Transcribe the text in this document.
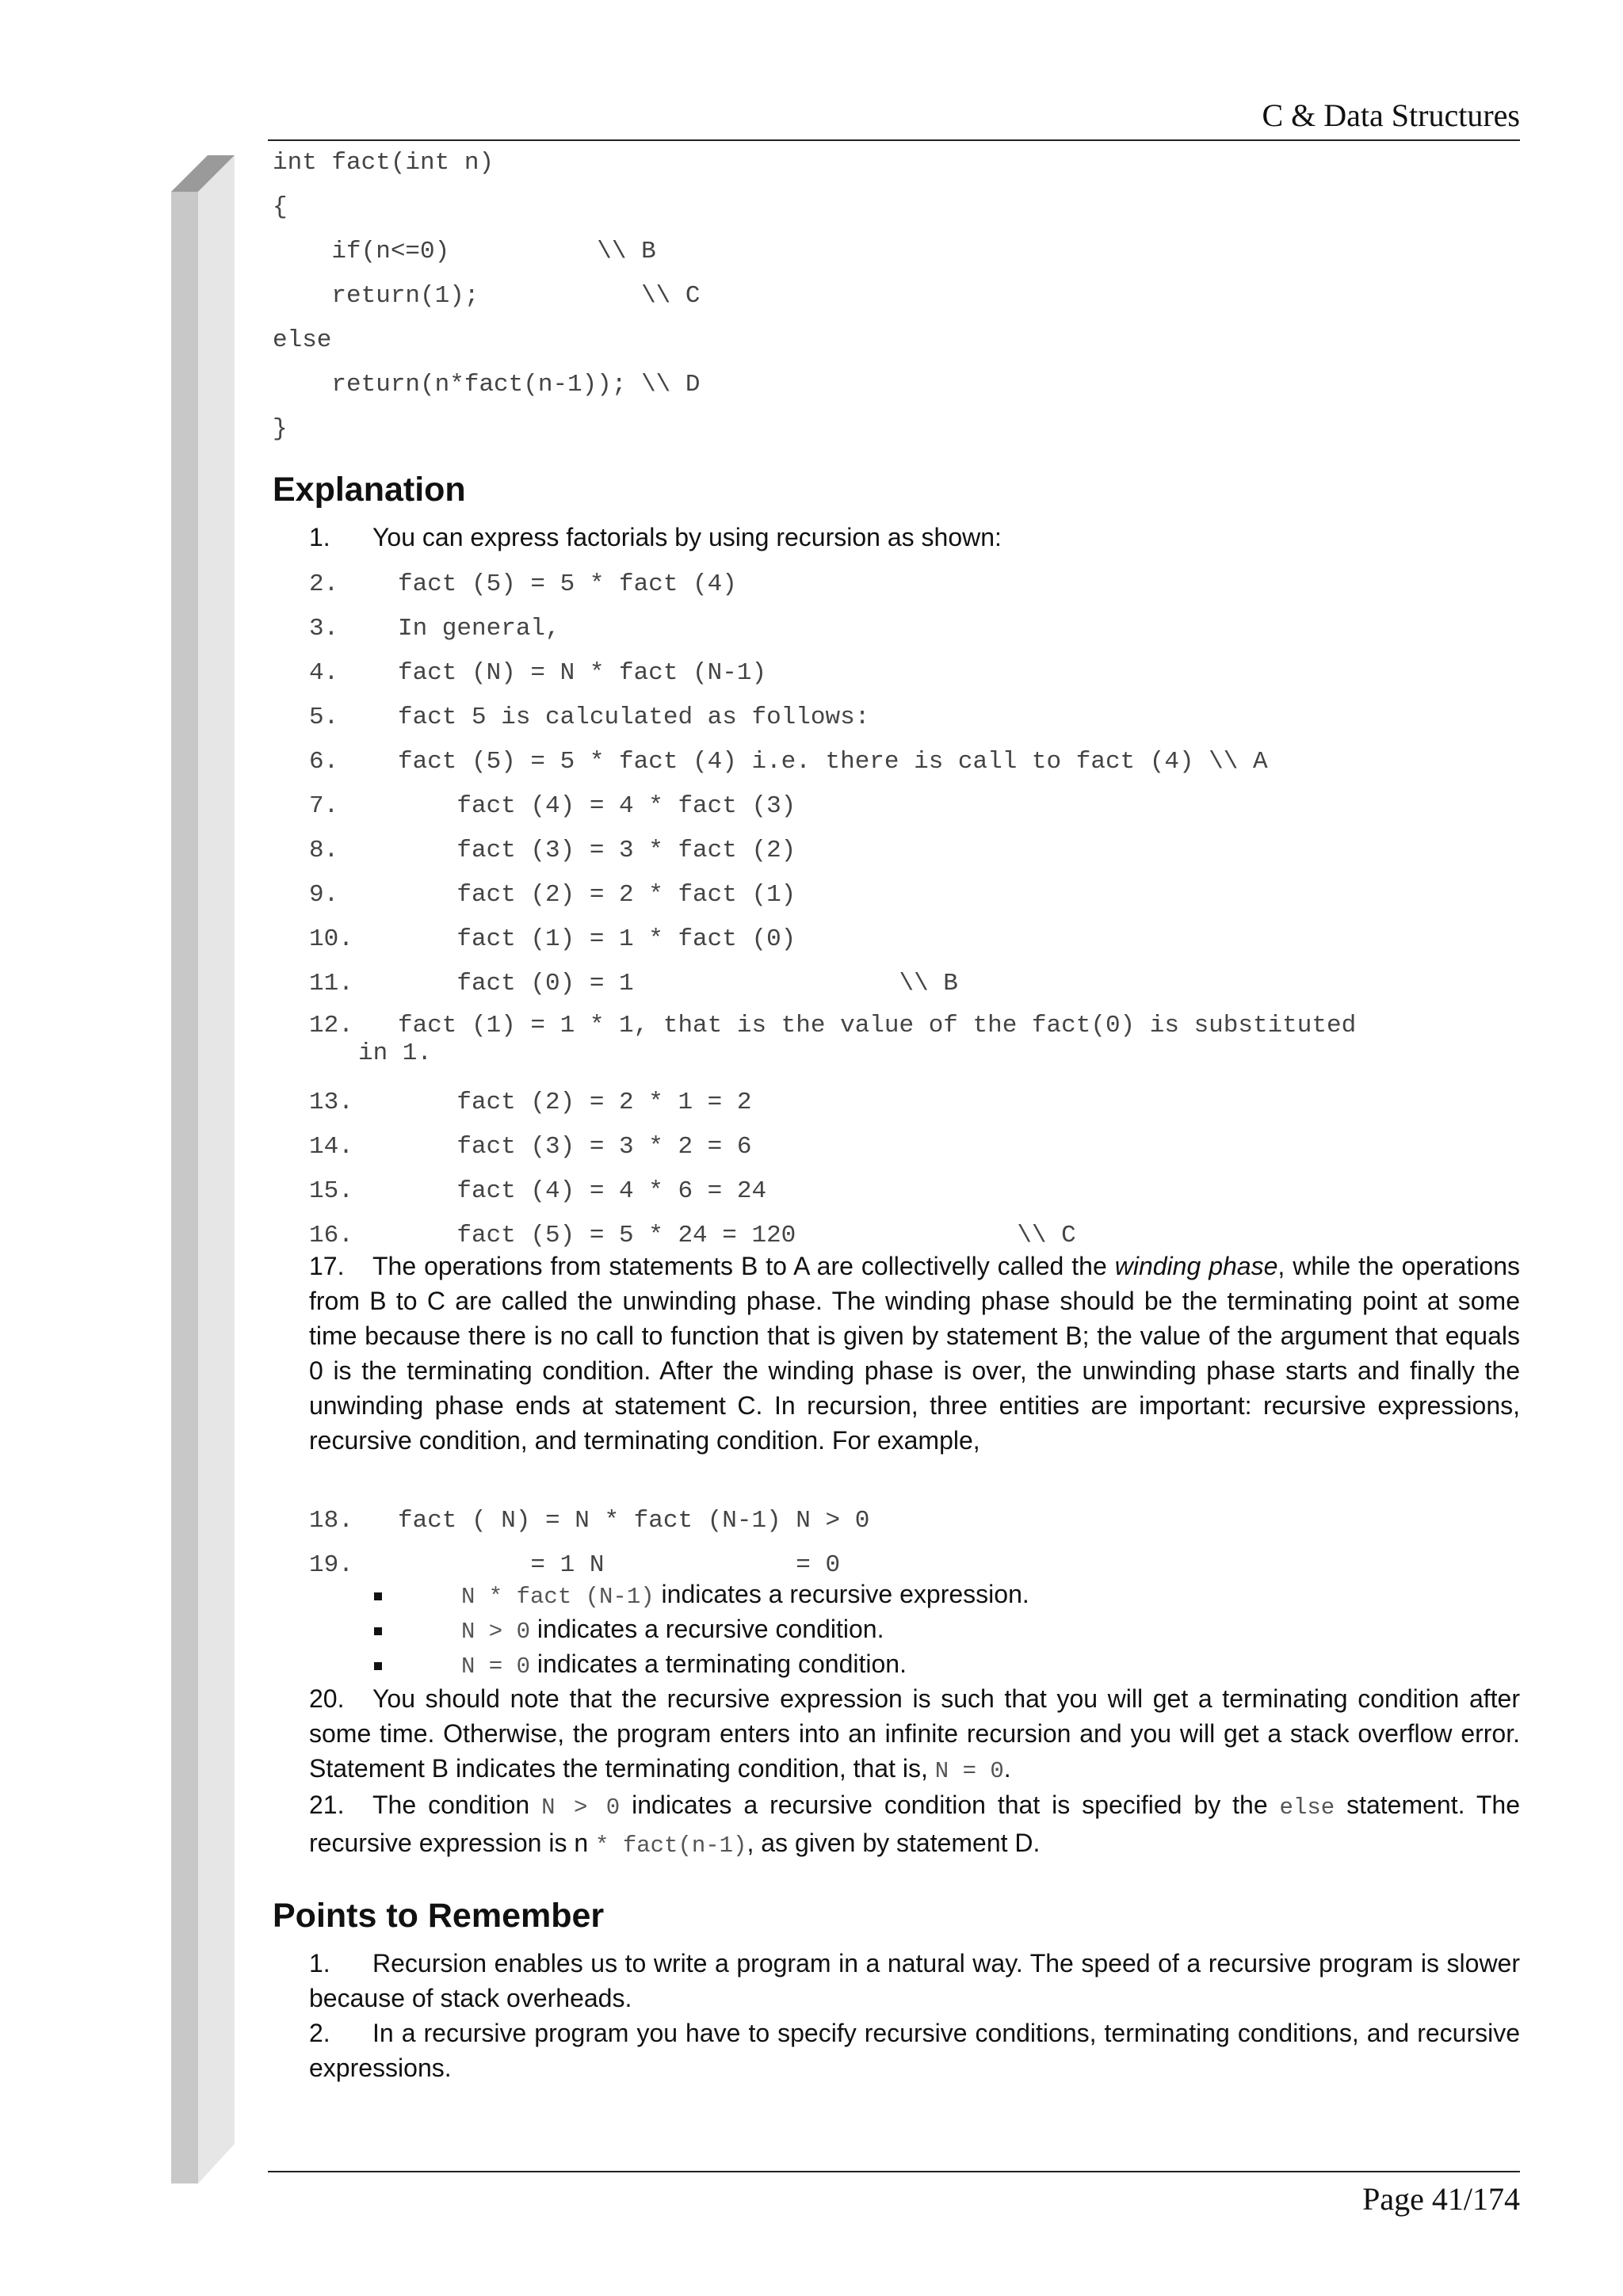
C & Data Structures
int fact(int n)
{
if(n<=0)          \\ B
return(1);           \\ C
else
return(n*fact(n-1)); \\ D
}
Explanation
1. You can express factorials by using recursion as shown:
2. fact (5) = 5 * fact (4)
3. In general,
4. fact (N) = N * fact (N-1)
5. fact 5 is calculated as follows:
6. fact (5) = 5 * fact (4) i.e. there is call to fact (4) \\ A
7.    fact (4) = 4 * fact (3)
8.    fact (3) = 3 * fact (2)
9.    fact (2) = 2 * fact (1)
10.    fact (1) = 1 * fact (0)
11.    fact (0) = 1                  \\ B
12. fact (1) = 1 * 1, that is the value of the fact(0) is substituted
in 1.
13.    fact (2) = 2 * 1 = 2
14.    fact (3) = 3 * 2 = 6
15.    fact (4) = 4 * 6 = 24
16.    fact (5) = 5 * 24 = 120               \\ C
17. The operations from statements B to A are collectivelly called the winding phase, while the operations from B to C are called the unwinding phase. The winding phase should be the terminating point at some time because there is no call to function that is given by statement B; the value of the argument that equals 0 is the terminating condition. After the winding phase is over, the unwinding phase starts and finally the unwinding phase ends at statement C. In recursion, three entities are important: recursive expressions, recursive condition, and terminating condition. For example,
18. fact ( N) = N * fact (N-1) N > 0
19.         = 1 N             = 0
N * fact (N-1) indicates a recursive expression.
N > 0 indicates a recursive condition.
N = 0 indicates a terminating condition.
20. You should note that the recursive expression is such that you will get a terminating condition after some time. Otherwise, the program enters into an infinite recursion and you will get a stack overflow error. Statement B indicates the terminating condition, that is, N = 0.
21. The condition N > 0 indicates a recursive condition that is specified by the else statement. The recursive expression is n * fact(n-1), as given by statement D.
Points to Remember
1. Recursion enables us to write a program in a natural way. The speed of a recursive program is slower because of stack overheads.
2. In a recursive program you have to specify recursive conditions, terminating conditions, and recursive expressions.
Page 41/174
